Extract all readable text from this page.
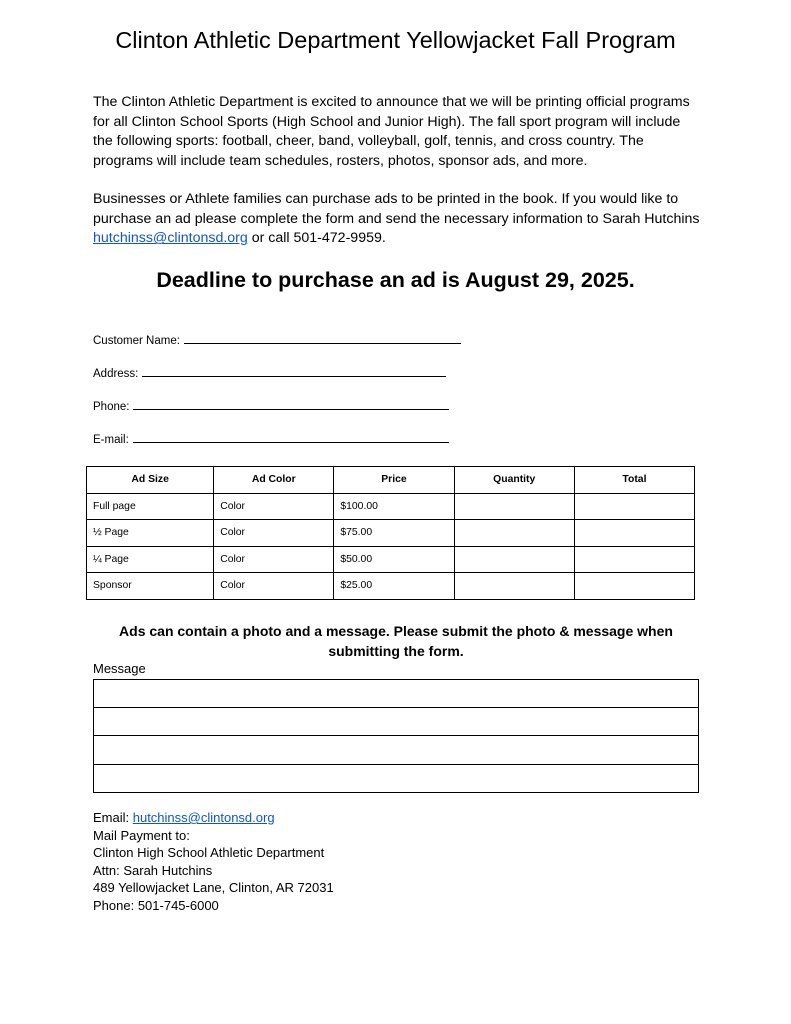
Clinton Athletic Department Yellowjacket Fall Program

The Clinton Athletic Department is excited to announce that we will be printing official programs for all Clinton School Sports (High School and Junior High). The fall sport program will include the following sports: football, cheer, band, volleyball, golf, tennis, and cross country. The programs will include team schedules, rosters, photos, sponsor ads, and more.

Businesses or Athlete families can purchase ads to be printed in the book. If you would like to purchase an ad please complete the form and send the necessary information to Sarah Hutchins hutchinss@clintonsd.org or call 501-472-9959.

Deadline to purchase an ad is August 29, 2025.
Customer Name:
Address:
Phone:
E-mail:
Ad Size	Ad Color	Price	Quantity	Total
Full page	Color	$100.00		
½ Page	Color	$75.00		
¼ Page	Color	$50.00		
Sponsor	Color	$25.00		

Ads can contain a photo and a message. Please submit the photo & message when submitting the form.

Message
Email: hutchinss@clintonsd.org
Mail Payment to:
Clinton High School Athletic Department
Attn: Sarah Hutchins
489 Yellowjacket Lane, Clinton, AR 72031
Phone: 501-745-6000
